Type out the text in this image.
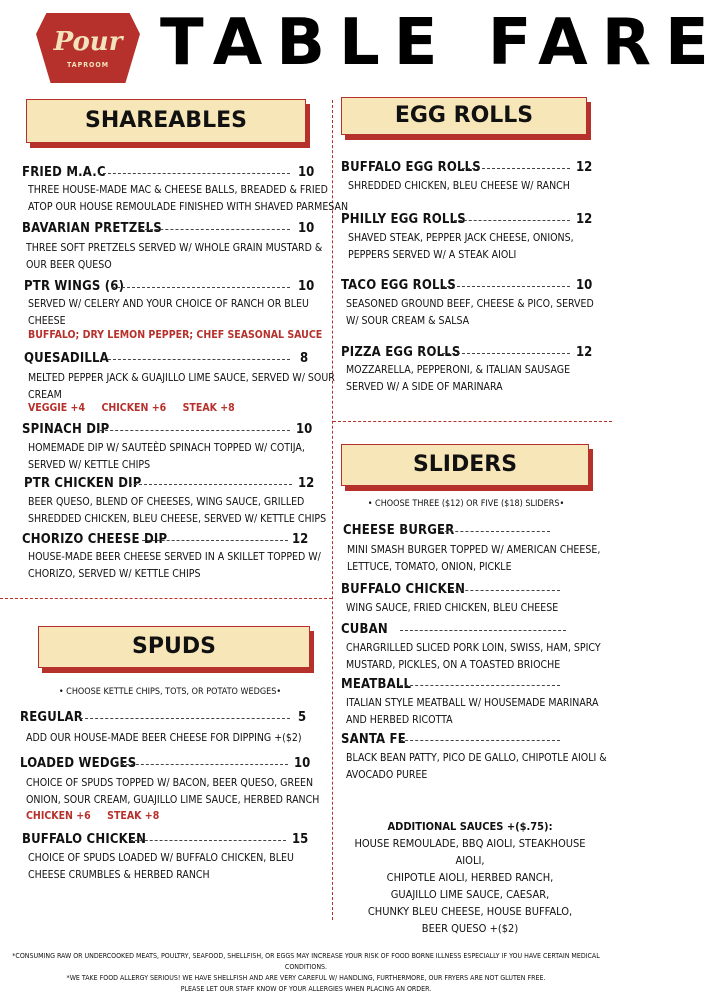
Pour
TAPROOM TABLE FARE
SHAREABLES	EGG ROLLS
SPUDS
SLIDERS
FRIED M.A.C	10
THREE HOUSE-MADE MAC & CHEESE BALLS, BREADED & FRIED
ATOP OUR HOUSE REMOULADE FINISHED WITH SHAVED PARMESAN
BAVARIAN PRETZELS	10
THREE SOFT PRETZELS SERVED W/ WHOLE GRAIN MUSTARD &
OUR BEER QUESO
PTR WINGS (6)	10
SERVED W/ CELERY AND YOUR CHOICE OF RANCH OR BLEU
CHEESE
BUFFALO; DRY LEMON PEPPER; CHEF SEASONAL SAUCE
QUESADILLA	8
MELTED PEPPER JACK & GUAJILLO LIME SAUCE, SERVED W/ SOUR
CREAM
VEGGIE +4     CHICKEN +6     STEAK +8
SPINACH DIP	10
HOMEMADE DIP W/ SAUTEÈD SPINACH TOPPED W/ COTIJA,
SERVED W/ KETTLE CHIPS
PTR CHICKEN DIP	12
BEER QUESO, BLEND OF CHEESES, WING SAUCE, GRILLED
SHREDDED CHICKEN, BLEU CHEESE, SERVED W/ KETTLE CHIPS
CHORIZO CHEESE DIP	12
HOUSE-MADE BEER CHEESE SERVED IN A SKILLET TOPPED W/
CHORIZO, SERVED W/ KETTLE CHIPS
BUFFALO EGG ROLLS	12
SHREDDED CHICKEN, BLEU CHEESE W/ RANCH
PHILLY EGG ROLLS	12
SHAVED STEAK, PEPPER JACK CHEESE, ONIONS,
PEPPERS SERVED W/ A STEAK AIOLI
TACO EGG ROLLS	10
SEASONED GROUND BEEF, CHEESE & PICO, SERVED
W/ SOUR CREAM & SALSA
PIZZA EGG ROLLS	12
MOZZARELLA, PEPPERONI, & ITALIAN SAUSAGE
SERVED W/ A SIDE OF MARINARA
• CHOOSE THREE ($12) OR FIVE ($18) SLIDERS•
CHEESE BURGER
MINI SMASH BURGER TOPPED W/ AMERICAN CHEESE,
LETTUCE, TOMATO, ONION, PICKLE
BUFFALO CHICKEN
WING SAUCE, FRIED CHICKEN, BLEU CHEESE
CUBAN
CHARGRILLED SLICED PORK LOIN, SWISS, HAM, SPICY
MUSTARD, PICKLES, ON A TOASTED BRIOCHE
MEATBALL
ITALIAN STYLE MEATBALL W/ HOUSEMADE MARINARA
AND HERBED RICOTTA
SANTA FE
BLACK BEAN PATTY, PICO DE GALLO, CHIPOTLE AIOLI &
AVOCADO PUREE
ADDITIONAL SAUCES +($.75):
HOUSE REMOULADE, BBQ AIOLI, STEAKHOUSE AIOLI,
CHIPOTLE AIOLI, HERBED RANCH,
GUAJILLO LIME SAUCE, CAESAR,
CHUNKY BLEU CHEESE, HOUSE BUFFALO,
BEER QUESO +($2)
• CHOOSE KETTLE CHIPS, TOTS, OR POTATO WEDGES•
REGULAR	5
ADD OUR HOUSE-MADE BEER CHEESE FOR DIPPING +($2)
LOADED WEDGES	10
CHOICE OF SPUDS TOPPED W/ BACON, BEER QUESO, GREEN
ONION, SOUR CREAM, GUAJILLO LIME SAUCE, HERBED RANCH
CHICKEN +6     STEAK +8
BUFFALO CHICKEN	15
CHOICE OF SPUDS LOADED W/ BUFFALO CHICKEN, BLEU
CHEESE CRUMBLES & HERBED RANCH
*CONSUMING RAW OR UNDERCOOKED MEATS, POULTRY, SEAFOOD, SHELLFISH, OR EGGS MAY INCREASE YOUR RISK OF FOOD BORNE ILLNESS ESPECIALLY IF YOU HAVE CERTAIN MEDICAL CONDITIONS.
*WE TAKE FOOD ALLERGY SERIOUS! WE HAVE SHELLFISH AND ARE VERY CAREFUL W/ HANDLING, FURTHERMORE, OUR FRYERS ARE NOT GLUTEN FREE.
PLEASE LET OUR STAFF KNOW OF YOUR ALLERGIES WHEN PLACING AN ORDER.
